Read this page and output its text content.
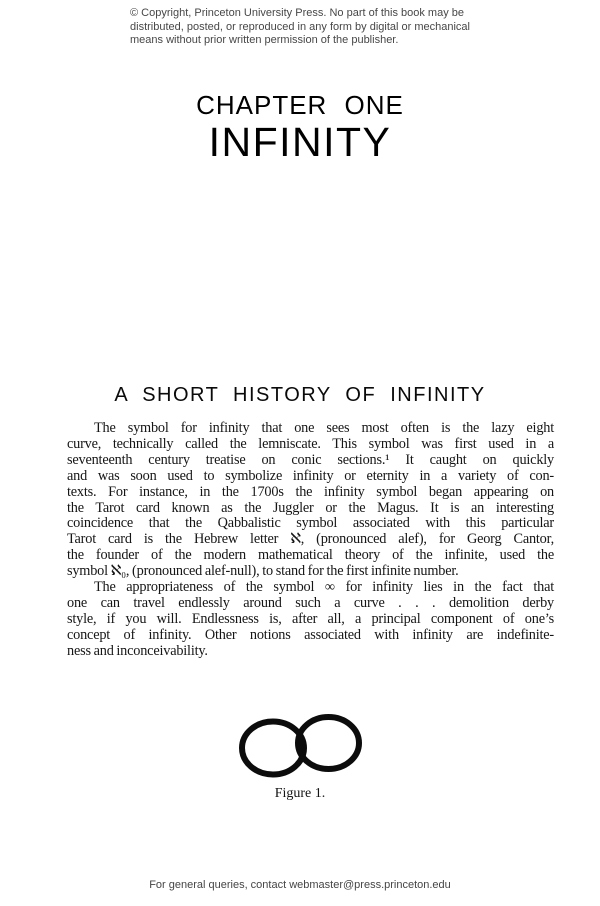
© Copyright, Princeton University Press. No part of this book may be
distributed, posted, or reproduced in any form by digital or mechanical
means without prior written permission of the publisher.
CHAPTER ONE
INFINITY
A SHORT HISTORY OF INFINITY
The symbol for infinity that one sees most often is the lazy eight
curve, technically called the lemniscate. This symbol was first used in a
seventeenth century treatise on conic sections.¹ It caught on quickly
and was soon used to symbolize infinity or eternity in a variety of con-
texts. For instance, in the 1700s the infinity symbol began appearing on
the Tarot card known as the Juggler or the Magus. It is an interesting
coincidence that the Qabbalistic symbol associated with this particular
Tarot card is the Hebrew letter ℵ, (pronounced alef), for Georg Cantor,
the founder of the modern mathematical theory of the infinite, used the
symbol ℵ₀, (pronounced alef-null), to stand for the first infinite number.
The appropriateness of the symbol ∞ for infinity lies in the fact that
one can travel endlessly around such a curve . . . demolition derby
style, if you will. Endlessness is, after all, a principal component of one’s
concept of infinity. Other notions associated with infinity are indefinite-
ness and inconceivability.
Figure 1.
For general queries, contact webmaster@press.princeton.edu
